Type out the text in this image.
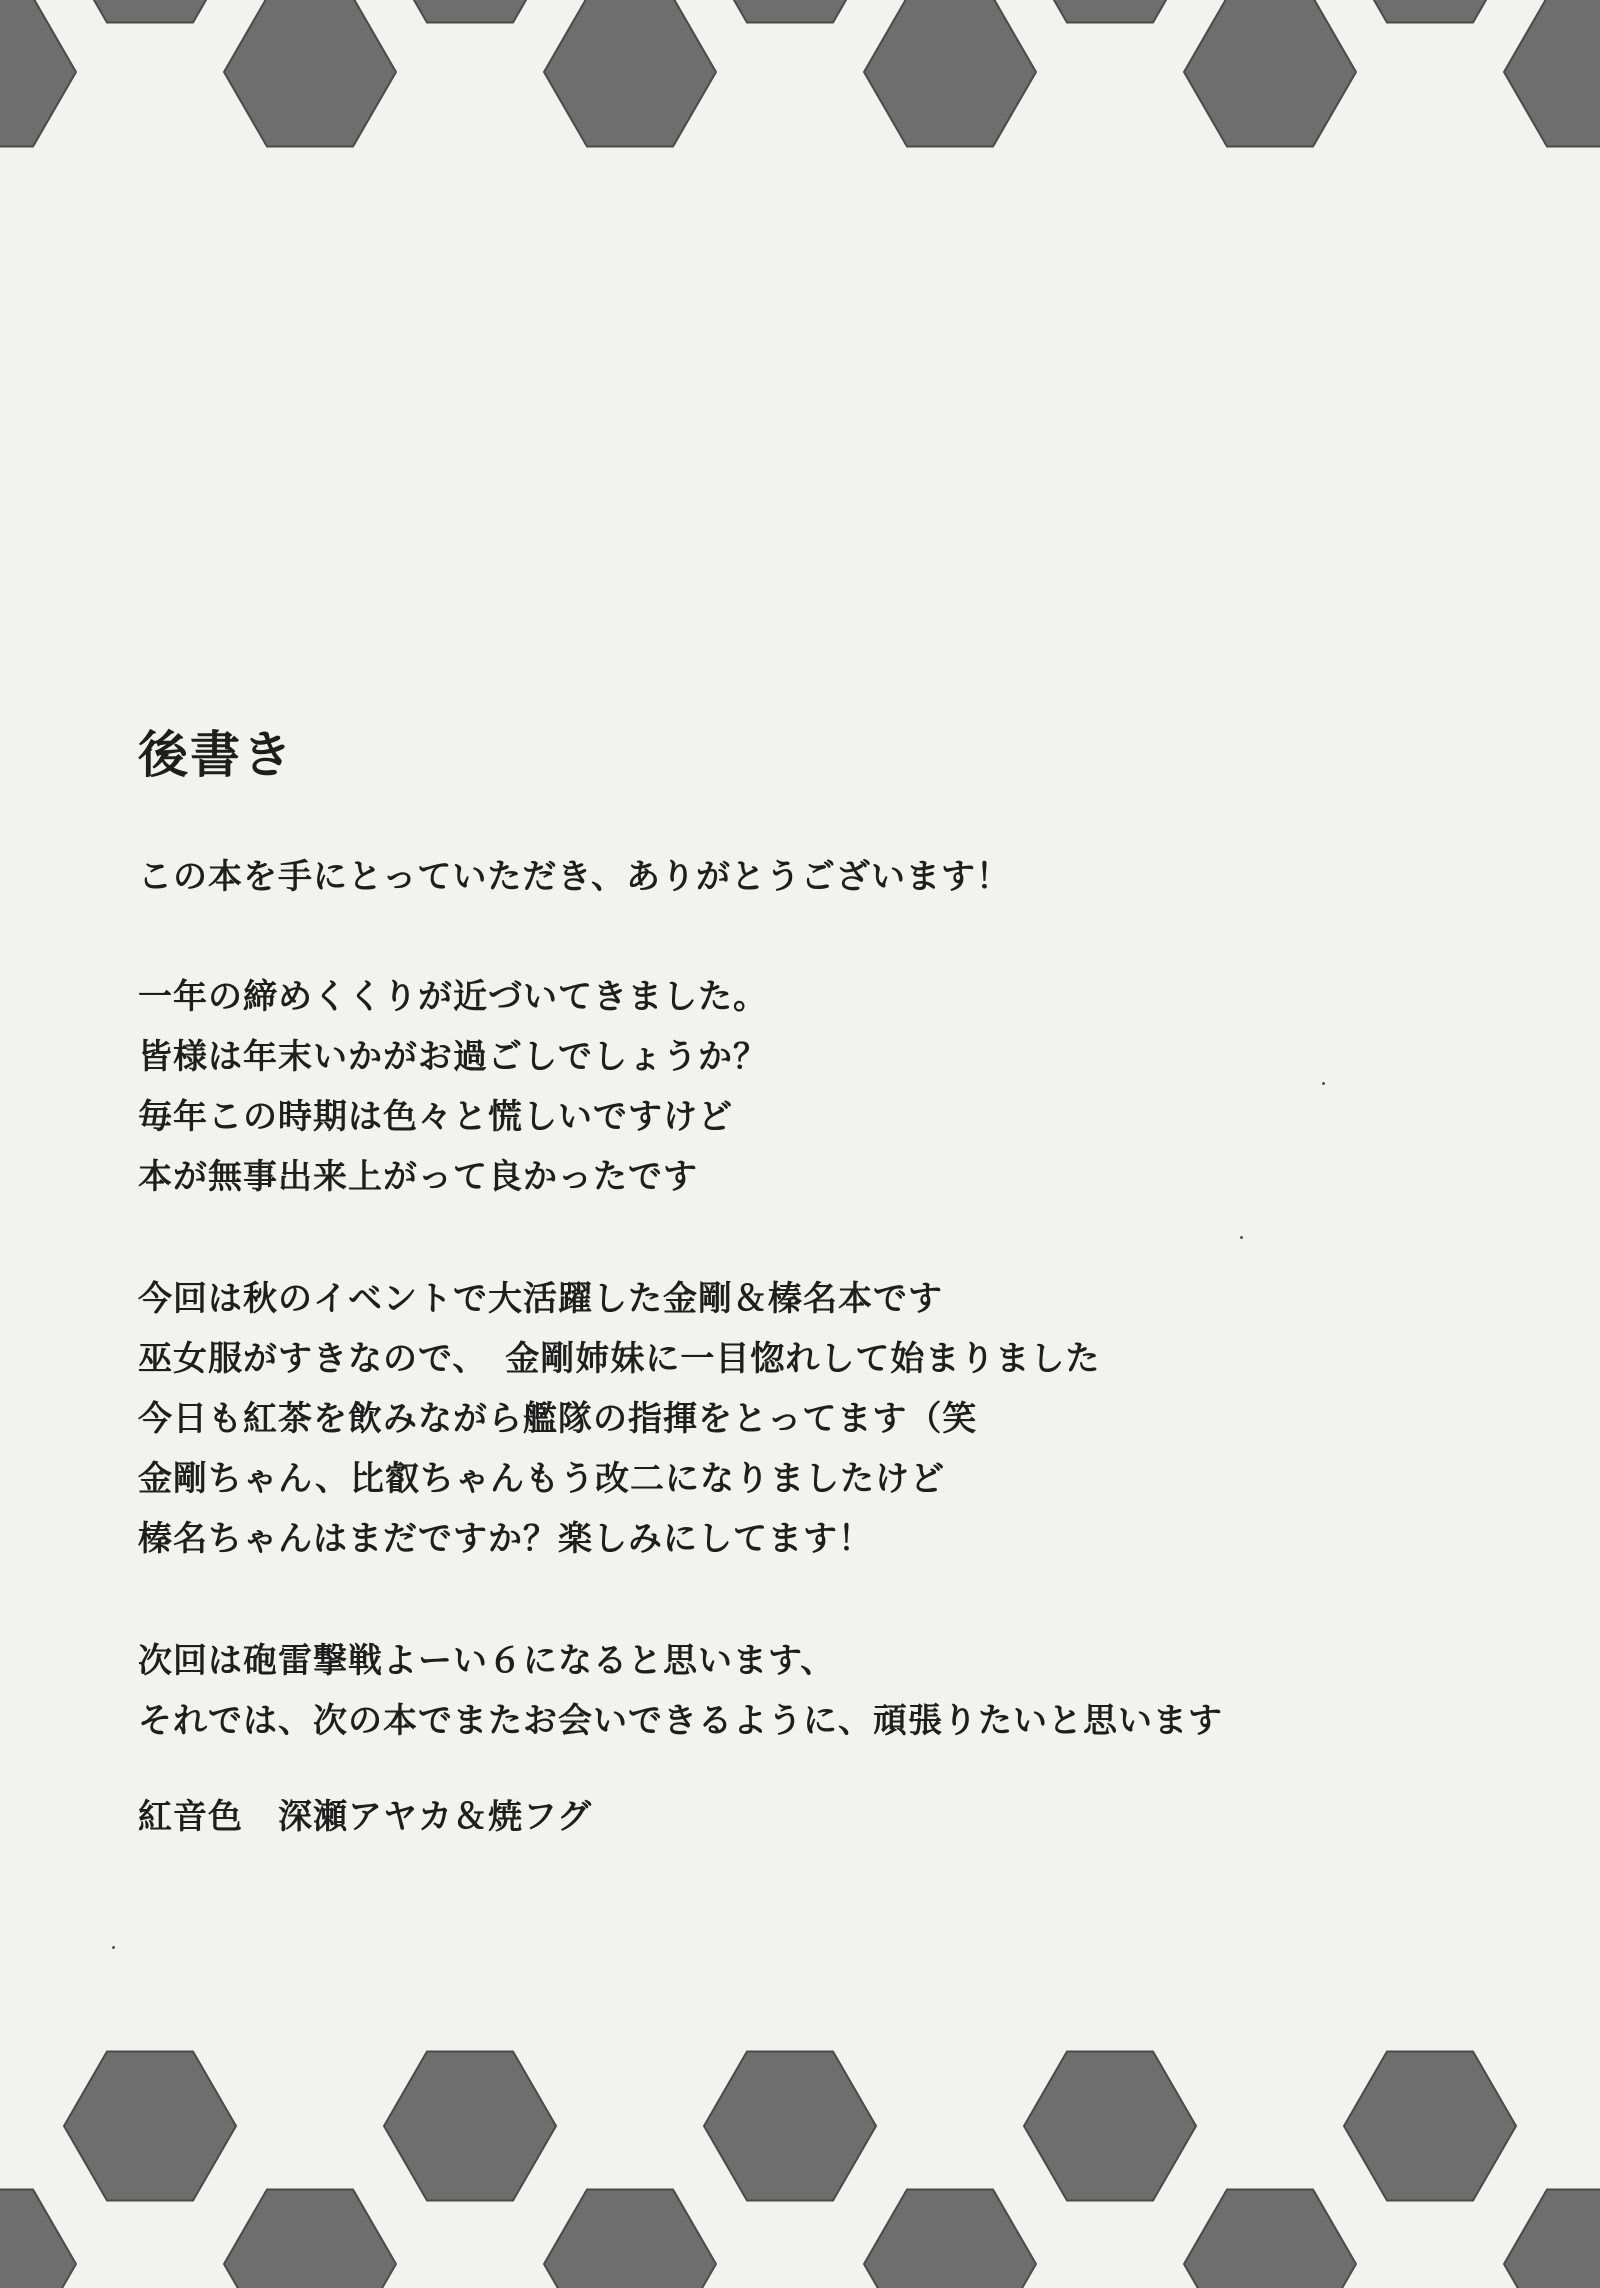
後書き
この本を手にとっていただき、ありがとうございます！
一年の締めくくりが近づいてきました。
皆様は年末いかがお過ごしでしょうか？
毎年この時期は色々と慌しいですけど
本が無事出来上がって良かったです
今回は秋のイベントで大活躍した金剛＆榛名本です
巫女服がすきなので、　金剛姉妹に一目惚れして始まりました
今日も紅茶を飲みながら艦隊の指揮をとってます（笑
金剛ちゃん、比叡ちゃんもう改二になりましたけど
榛名ちゃんはまだですか？楽しみにしてます！
次回は砲雷撃戦よーい６になると思います、
それでは、次の本でまたお会いできるように、頑張りたいと思います
紅音色　深瀬アヤカ＆焼フグ
